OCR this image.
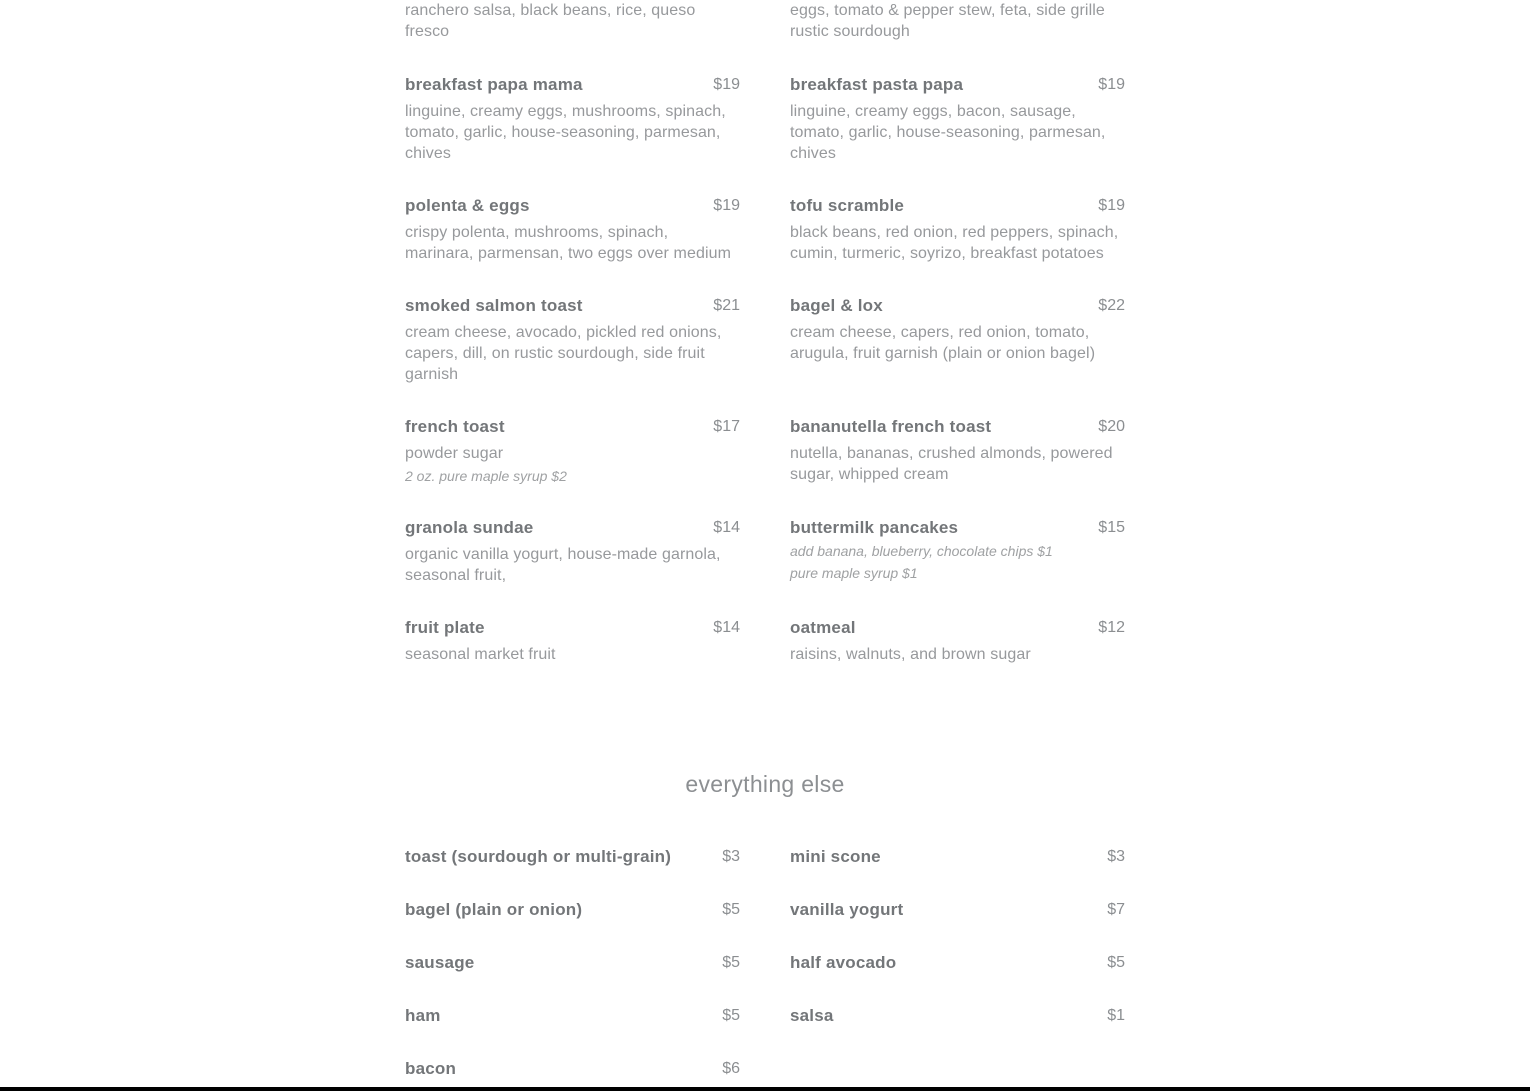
ranchero salsa, black beans, rice, queso fresco
eggs, tomato & pepper stew, feta, side grille rustic sourdough
breakfast papa mama	$19
linguine, creamy eggs, mushrooms, spinach, tomato, garlic, house-seasoning, parmesan, chives
breakfast pasta papa	$19
linguine, creamy eggs, bacon, sausage, tomato, garlic, house-seasoning, parmesan, chives
polenta & eggs	$19
crispy polenta, mushrooms, spinach, marinara, parmensan, two eggs over medium
tofu scramble	$19
black beans, red onion, red peppers, spinach, cumin, turmeric, soyrizo, breakfast potatoes
smoked salmon toast	$21
cream cheese, avocado, pickled red onions, capers, dill, on rustic sourdough, side fruit garnish
bagel & lox	$22
cream cheese, capers, red onion, tomato, arugula, fruit garnish (plain or onion bagel)
french toast	$17
powder sugar
2 oz. pure maple syrup $2
bananutella french toast	$20
nutella, bananas, crushed almonds, powered sugar, whipped cream
granola sundae	$14
organic vanilla yogurt, house-made garnola, seasonal fruit,
buttermilk pancakes	$15
add banana, blueberry, chocolate chips $1
pure maple syrup $1
fruit plate	$14
seasonal market fruit
oatmeal	$12
raisins, walnuts, and brown sugar
everything else
toast (sourdough or multi-grain)	$3	mini scone	$3
bagel (plain or onion)	$5	vanilla yogurt	$7
sausage	$5	half avocado	$5
ham	$5	salsa	$1
bacon	$6
